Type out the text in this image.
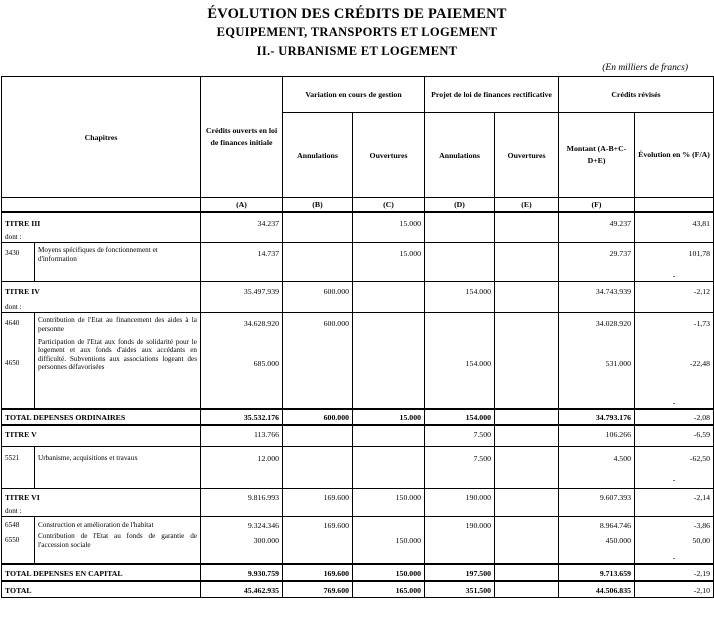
ÉVOLUTION DES CRÉDITS DE PAIEMENT
EQUIPEMENT, TRANSPORTS ET LOGEMENT
II.- URBANISME ET LOGEMENT
(En milliers de francs)
Chapitres		Crédits ouverts en loi de finances initiale	Variation en cours de gestion		Projet de loi de finances rectificative		Crédits révisés	
			Annulations	Ouvertures	Annulations	Ouvertures	Montant (A-B+C-D+E)	Évolution en % (F/A)
		(A)	(B)	(C)	(D)	(E)	(F)	
TITRE III		34.237		15.000			49.237	43,81
dont :								
3430	Moyens spécifiques de fonctionnement et d'information	14.737		15.000			29.737	101,78
								-
TITRE IV		35.497.939	600.000		154.000		34.743.939	-2,12
dont :								
4640	Contribution de l'Etat au financement des aides à la personne	34.628.920	600.000				34.028.920	-1,73
4650	Participation de l'Etat aux fonds de solidarité pour le logement et aux fonds d'aides aux accédants en difficulté. Subventions aux associations logeant des personnes défavorisées	685.000			154.000		531.000	-22,48
								-
TOTAL DEPENSES ORDINAIRES		35.532.176	600.000	15.000	154.000		34.793.176	-2,08
TITRE V		113.766			7.500		106.266	-6,59
5521	Urbanisme, acquisitions et travaux	12.000			7.500		4.500	-62,50
								-
TITRE VI		9.816.993	169.600	150.000	190.000		9.607.393	-2,14
dont :								
6548	Construction et amélioration de l'habitat	9.324.346	169.600		190.000		8.964.746	-3,86
6550	Contribution de l'Etat au fonds de garantie de l'accession sociale	300.000		150.000			450.000	50,00
								-
TOTAL DEPENSES EN CAPITAL		9.930.759	169.600	150.000	197.500		9.713.659	-2,19
TOTAL		45.462.935	769.600	165.000	351.500		44.506.835	-2,10
